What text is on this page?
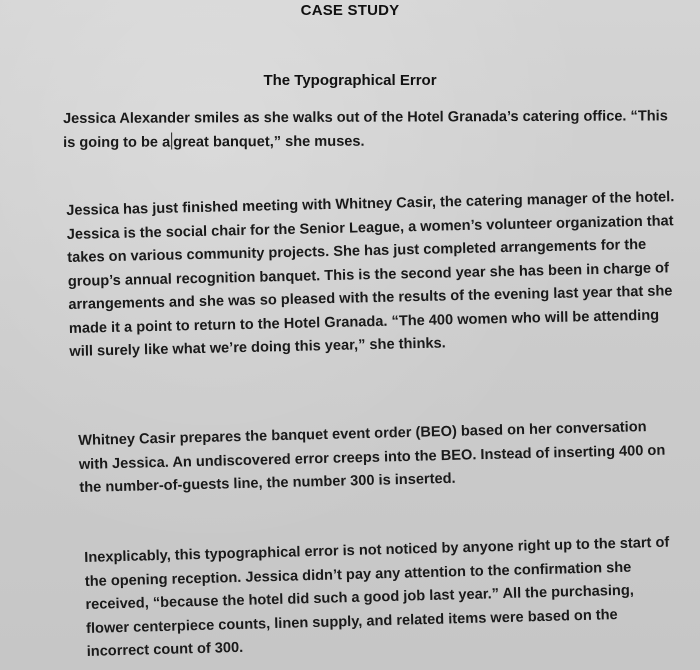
CASE STUDY
The Typographical Error

Jessica Alexander smiles as she walks out of the Hotel Granada’s catering office. “This is going to be a great banquet,” she muses.

Jessica has just finished meeting with Whitney Casir, the catering manager of the hotel. Jessica is the social chair for the Senior League, a women’s volunteer organization that takes on various community projects. She has just completed arrangements for the group’s annual recognition banquet. This is the second year she has been in charge of arrangements and she was so pleased with the results of the evening last year that she made it a point to return to the Hotel Granada. “The 400 women who will be attending will surely like what we’re doing this year,” she thinks.

Whitney Casir prepares the banquet event order (BEO) based on her conversation with Jessica. An undiscovered error creeps into the BEO. Instead of inserting 400 on the number-of-guests line, the number 300 is inserted.

Inexplicably, this typographical error is not noticed by anyone right up to the start of the opening reception. Jessica didn’t pay any attention to the confirmation she received, “because the hotel did such a good job last year.” All the purchasing, flower centerpiece counts, linen supply, and related items were based on the incorrect count of 300.
